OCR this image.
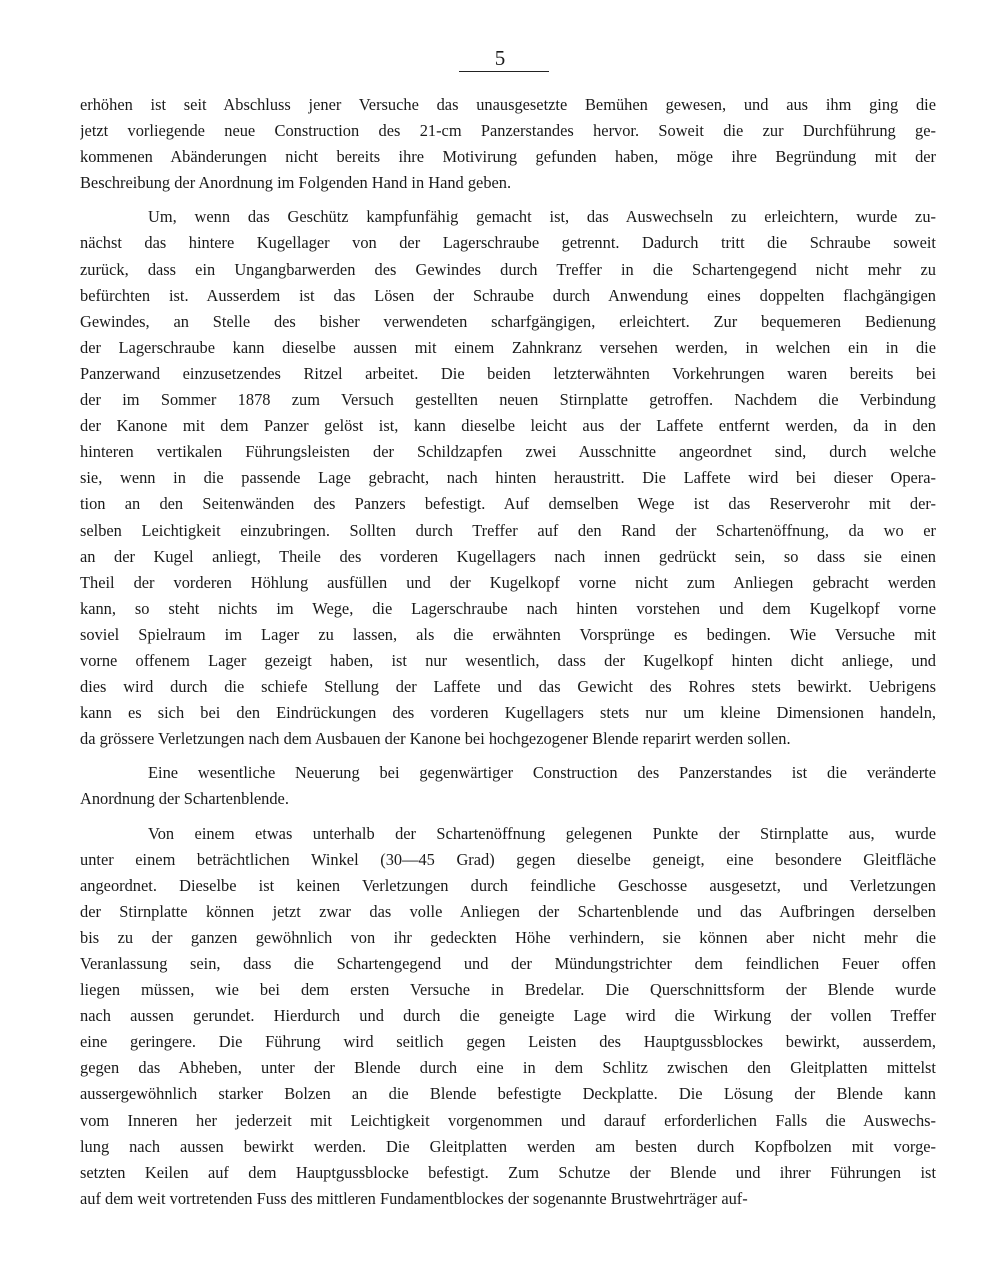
5

erhöhen ist seit Abschluss jener Versuche das unausgesetzte Bemühen gewesen, und aus ihm ging die
jetzt vorliegende neue Construction des 21-cm Panzerstandes hervor. Soweit die zur Durchführung ge-
kommenen Abänderungen nicht bereits ihre Motivirung gefunden haben, möge ihre Begründung mit der
Beschreibung der Anordnung im Folgenden Hand in Hand geben.

Um, wenn das Geschütz kampfunfähig gemacht ist, das Auswechseln zu erleichtern, wurde zu-
nächst das hintere Kugellager von der Lagerschraube getrennt. Dadurch tritt die Schraube soweit
zurück, dass ein Ungangbarwerden des Gewindes durch Treffer in die Schartengegend nicht mehr zu
befürchten ist. Ausserdem ist das Lösen der Schraube durch Anwendung eines doppelten flachgängigen
Gewindes, an Stelle des bisher verwendeten scharfgängigen, erleichtert. Zur bequemeren Bedienung
der Lagerschraube kann dieselbe aussen mit einem Zahnkranz versehen werden, in welchen ein in die
Panzerwand einzusetzendes Ritzel arbeitet. Die beiden letzterwähnten Vorkehrungen waren bereits bei
der im Sommer 1878 zum Versuch gestellten neuen Stirnplatte getroffen. Nachdem die Verbindung
der Kanone mit dem Panzer gelöst ist, kann dieselbe leicht aus der Laffete entfernt werden, da in den
hinteren vertikalen Führungsleisten der Schildzapfen zwei Ausschnitte angeordnet sind, durch welche
sie, wenn in die passende Lage gebracht, nach hinten heraustritt. Die Laffete wird bei dieser Opera-
tion an den Seitenwänden des Panzers befestigt. Auf demselben Wege ist das Reserverohr mit der-
selben Leichtigkeit einzubringen. Sollten durch Treffer auf den Rand der Schartenöffnung, da wo er
an der Kugel anliegt, Theile des vorderen Kugellagers nach innen gedrückt sein, so dass sie einen
Theil der vorderen Höhlung ausfüllen und der Kugelkopf vorne nicht zum Anliegen gebracht werden
kann, so steht nichts im Wege, die Lagerschraube nach hinten vorstehen und dem Kugelkopf vorne
soviel Spielraum im Lager zu lassen, als die erwähnten Vorsprünge es bedingen. Wie Versuche mit
vorne offenem Lager gezeigt haben, ist nur wesentlich, dass der Kugelkopf hinten dicht anliege, und
dies wird durch die schiefe Stellung der Laffete und das Gewicht des Rohres stets bewirkt. Uebrigens
kann es sich bei den Eindrückungen des vorderen Kugellagers stets nur um kleine Dimensionen handeln,
da grössere Verletzungen nach dem Ausbauen der Kanone bei hochgezogener Blende reparirt werden sollen.

Eine wesentliche Neuerung bei gegenwärtiger Construction des Panzerstandes ist die veränderte
Anordnung der Schartenblende.

Von einem etwas unterhalb der Schartenöffnung gelegenen Punkte der Stirnplatte aus, wurde
unter einem beträchtlichen Winkel (30—45 Grad) gegen dieselbe geneigt, eine besondere Gleitfläche
angeordnet. Dieselbe ist keinen Verletzungen durch feindliche Geschosse ausgesetzt, und Verletzungen
der Stirnplatte können jetzt zwar das volle Anliegen der Schartenblende und das Aufbringen derselben
bis zu der ganzen gewöhnlich von ihr gedeckten Höhe verhindern, sie können aber nicht mehr die
Veranlassung sein, dass die Schartengegend und der Mündungstrichter dem feindlichen Feuer offen
liegen müssen, wie bei dem ersten Versuche in Bredelar. Die Querschnittsform der Blende wurde
nach aussen gerundet. Hierdurch und durch die geneigte Lage wird die Wirkung der vollen Treffer
eine geringere. Die Führung wird seitlich gegen Leisten des Hauptgussblockes bewirkt, ausserdem,
gegen das Abheben, unter der Blende durch eine in dem Schlitz zwischen den Gleitplatten mittelst
aussergewöhnlich starker Bolzen an die Blende befestigte Deckplatte. Die Lösung der Blende kann
vom Inneren her jederzeit mit Leichtigkeit vorgenommen und darauf erforderlichen Falls die Auswechs-
lung nach aussen bewirkt werden. Die Gleitplatten werden am besten durch Kopfbolzen mit vorge-
setzten Keilen auf dem Hauptgussblocke befestigt. Zum Schutze der Blende und ihrer Führungen ist
auf dem weit vortretenden Fuss des mittleren Fundamentblockes der sogenannte Brustwehrträger auf-
